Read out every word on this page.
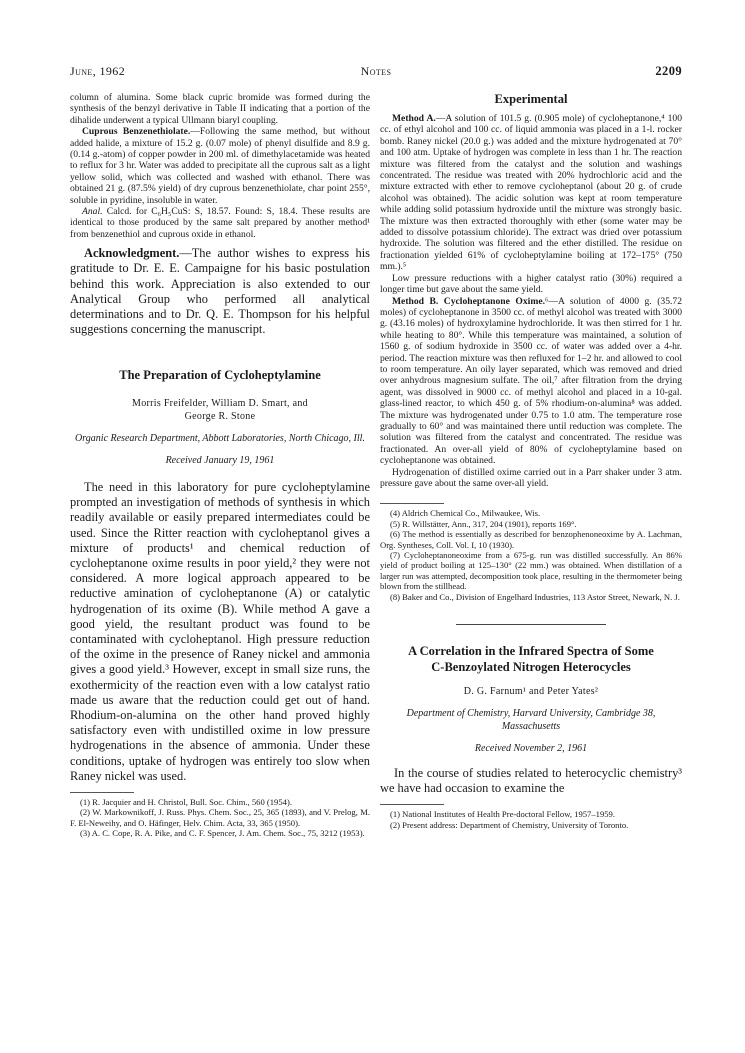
June, 1962	Notes	2209

column of alumina. Some black cupric bromide was formed during the synthesis of the benzyl derivative in Table II indicating that a portion of the dihalide underwent a typical Ullmann biaryl coupling.

Cuprous Benzenethiolate.—Following the same method, but without added halide, a mixture of 15.2 g. (0.07 mole) of phenyl disulfide and 8.9 g. (0.14 g.-atom) of copper powder in 200 ml. of dimethylacetamide was heated to reflux for 3 hr. Water was added to precipitate all the cuprous salt as a light yellow solid, which was collected and washed with ethanol. There was obtained 21 g. (87.5% yield) of dry cuprous benzenethiolate, char point 255°, soluble in pyridine, insoluble in water.

Anal. Calcd. for C₆H₅CuS: S, 18.57. Found: S, 18.4. These results are identical to those produced by the same salt prepared by another method¹ from benzenethiol and cuprous oxide in ethanol.

Acknowledgment.—The author wishes to express his gratitude to Dr. E. E. Campaigne for his basic postulation behind this work. Appreciation is also extended to our Analytical Group who performed all analytical determinations and to Dr. Q. E. Thompson for his helpful suggestions concerning the manuscript.

The Preparation of Cycloheptylamine

Morris Freifelder, William D. Smart, and

George R. Stone

Organic Research Department, Abbott Laboratories, North Chicago, Ill.

Received January 19, 1961

The need in this laboratory for pure cycloheptylamine prompted an investigation of methods of synthesis in which readily available or easily prepared intermediates could be used. Since the Ritter reaction with cycloheptanol gives a mixture of products¹ and chemical reduction of cycloheptanone oxime results in poor yield,² they were not considered. A more logical approach appeared to be reductive amination of cycloheptanone (A) or catalytic hydrogenation of its oxime (B). While method A gave a good yield, the resultant product was found to be contaminated with cycloheptanol. High pressure reduction of the oxime in the presence of Raney nickel and ammonia gives a good yield.³ However, except in small size runs, the exothermicity of the reaction even with a low catalyst ratio made us aware that the reduction could get out of hand. Rhodium-on-alumina on the other hand proved highly satisfactory even with undistilled oxime in low pressure hydrogenations in the absence of ammonia. Under these conditions, uptake of hydrogen was entirely too slow when Raney nickel was used.

(1) R. Jacquier and H. Christol, Bull. Soc. Chim., 560 (1954).

(2) W. Markownikoff, J. Russ. Phys. Chem. Soc., 25, 365 (1893), and V. Prelog, M. F. El-Neweihy, and O. Häfinger, Helv. Chim. Acta, 33, 365 (1950).

(3) A. C. Cope, R. A. Pike, and C. F. Spencer, J. Am. Chem. Soc., 75, 3212 (1953).

Experimental

Method A.—A solution of 101.5 g. (0.905 mole) of cycloheptanone,⁴ 100 cc. of ethyl alcohol and 100 cc. of liquid ammonia was placed in a 1-l. rocker bomb. Raney nickel (20.0 g.) was added and the mixture hydrogenated at 70° and 100 atm. Uptake of hydrogen was complete in less than 1 hr. The reaction mixture was filtered from the catalyst and the solution and washings concentrated. The residue was treated with 20% hydrochloric acid and the mixture extracted with ether to remove cycloheptanol (about 20 g. of crude alcohol was obtained). The acidic solution was kept at room temperature while adding solid potassium hydroxide until the mixture was strongly basic. The mixture was then extracted thoroughly with ether (some water may be added to dissolve potassium chloride). The extract was dried over potassium hydroxide. The solution was filtered and the ether distilled. The residue on fractionation yielded 61% of cycloheptylamine boiling at 172–175° (750 mm.).⁵

Low pressure reductions with a higher catalyst ratio (30%) required a longer time but gave about the same yield.

Method B. Cycloheptanone Oxime.⁶—A solution of 4000 g. (35.72 moles) of cycloheptanone in 3500 cc. of methyl alcohol was treated with 3000 g. (43.16 moles) of hydroxylamine hydrochloride. It was then stirred for 1 hr. while heating to 80°. While this temperature was maintained, a solution of 1560 g. of sodium hydroxide in 3500 cc. of water was added over a 4-hr. period. The reaction mixture was then refluxed for 1–2 hr. and allowed to cool to room temperature. An oily layer separated, which was removed and dried over anhydrous magnesium sulfate. The oil,⁷ after filtration from the drying agent, was dissolved in 9000 cc. of methyl alcohol and placed in a 10-gal. glass-lined reactor, to which 450 g. of 5% rhodium-on-alumina⁸ was added. The mixture was hydrogenated under 0.75 to 1.0 atm. The temperature rose gradually to 60° and was maintained there until reduction was complete. The solution was filtered from the catalyst and concentrated. The residue was fractionated. An over-all yield of 80% of cycloheptylamine based on cycloheptanone was obtained.

Hydrogenation of distilled oxime carried out in a Parr shaker under 3 atm. pressure gave about the same over-all yield.

(4) Aldrich Chemical Co., Milwaukee, Wis.

(5) R. Willstätter, Ann., 317, 204 (1901), reports 169°.

(6) The method is essentially as described for benzophenoneoxime by A. Lachman, Org. Syntheses, Coll. Vol. I, 10 (1930).

(7) Cycloheptanoneoxime from a 675-g. run was distilled successfully. An 86% yield of product boiling at 125–130° (22 mm.) was obtained. When distillation of a larger run was attempted, decomposition took place, resulting in the thermometer being blown from the stillhead.

(8) Baker and Co., Division of Engelhard Industries, 113 Astor Street, Newark, N. J.

A Correlation in the Infrared Spectra of Some

C-Benzoylated Nitrogen Heterocycles

D. G. Farnum¹ and Peter Yates²

Department of Chemistry, Harvard University, Cambridge 38, Massachusetts

Received November 2, 1961

In the course of studies related to heterocyclic chemistry³ we have had occasion to examine the

(1) National Institutes of Health Pre-doctoral Fellow, 1957–1959.

(2) Present address: Department of Chemistry, University of Toronto.
